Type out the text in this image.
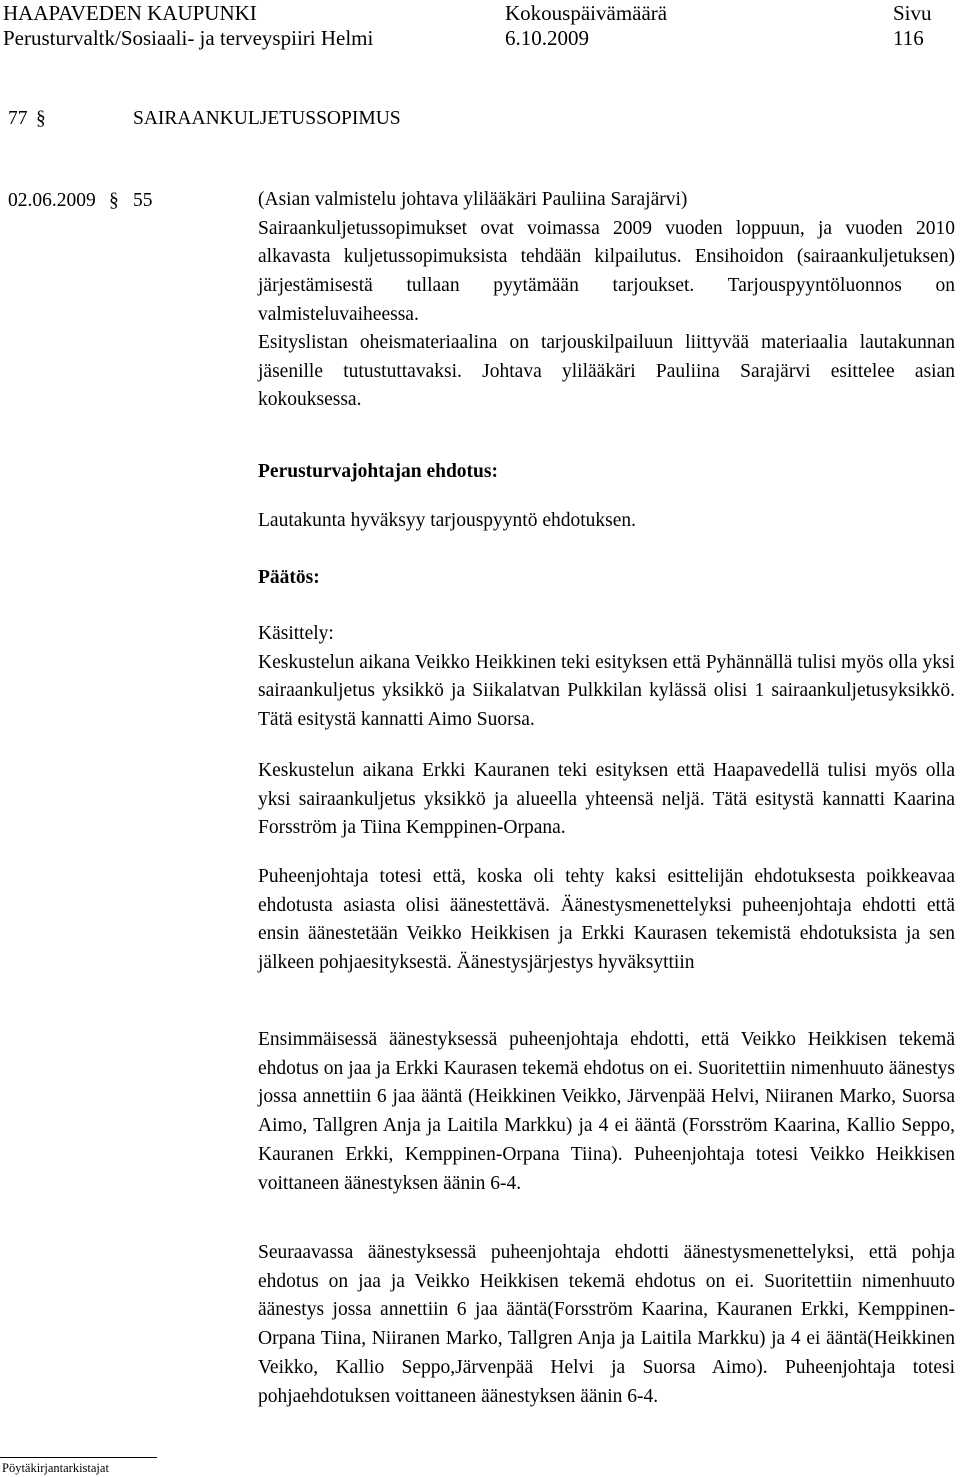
HAAPAVEDEN KAUPUNKI
Perusturvaltk/Sosiaali- ja terveyspiiri Helmi
Kokouspäivämäärä
6.10.2009
Sivu
116
77 §	SAIRAANKULJETUSSOPIMUS
02.06.2009 § 55	(Asian valmistelu johtava ylilääkäri Pauliina Sarajärvi)
Sairaankuljetussopimukset ovat voimassa 2009 vuoden loppuun, ja vuoden 2010 alkavasta kuljetussopimuksista tehdään kilpailutus. Ensihoidon (sairaankuljetuksen) järjestämisestä tullaan pyytämään tarjoukset. Tarjouspyyntöluonnos on valmisteluvaiheessa.

Esityslistan oheismateriaalina on tarjouskilpailuun liittyvää materiaalia lautakunnan jäsenille tutustuttavaksi. Johtava ylilääkäri Pauliina Sarajärvi esittelee asian kokouksessa.

Perusturvajohtajan ehdotus:

Lautakunta hyväksyy tarjouspyyntö ehdotuksen.

Päätös:

Käsittely:
Keskustelun aikana Veikko Heikkinen teki esityksen että Pyhännällä tulisi myös olla yksi sairaankuljetus yksikkö ja Siikalatvan Pulkkilan kylässä olisi 1 sairaankuljetusyksikkö. Tätä esitystä kannatti Aimo Suorsa.

Keskustelun aikana Erkki Kauranen teki esityksen että Haapavedellä tulisi myös olla yksi sairaankuljetus yksikkö ja alueella yhteensä neljä. Tätä esitystä kannatti Kaarina Forsström ja Tiina Kemppinen-Orpana.

Puheenjohtaja totesi että, koska oli tehty kaksi esittelijän ehdotuksesta poikkeavaa ehdotusta asiasta olisi äänestettävä. Äänestysmenettelyksi puheenjohtaja ehdotti että ensin äänestetään Veikko Heikkisen ja Erkki Kaurasen tekemistä ehdotuksista ja sen jälkeen pohjaesityksestä. Äänestysjärjestys hyväksyttiin

Ensimmäisessä äänestyksessä puheenjohtaja ehdotti, että Veikko Heikkisen tekemä ehdotus on jaa ja Erkki Kaurasen tekemä ehdotus on ei. Suoritettiin nimenhuuto äänestys jossa annettiin 6 jaa ääntä (Heikkinen Veikko, Järvenpää Helvi, Niiranen Marko, Suorsa Aimo, Tallgren Anja ja Laitila Markku) ja 4 ei ääntä (Forsström Kaarina, Kallio Seppo, Kauranen Erkki, Kemppinen-Orpana Tiina). Puheenjohtaja totesi Veikko Heikkisen voittaneen äänestyksen äänin 6-4.

Seuraavassa äänestyksessä puheenjohtaja ehdotti äänestysmenettelyksi, että pohja ehdotus on jaa ja Veikko Heikkisen tekemä ehdotus on ei. Suoritettiin nimenhuuto äänestys jossa annettiin 6 jaa ääntä(Forsström Kaarina, Kauranen Erkki, Kemppinen-Orpana Tiina, Niiranen Marko, Tallgren Anja ja Laitila Markku) ja 4 ei ääntä(Heikkinen Veikko, Kallio Seppo,Järvenpää Helvi ja Suorsa Aimo). Puheenjohtaja totesi pohjaehdotuksen voittaneen äänestyksen äänin 6-4.

Pöytäkirjantarkistajat
